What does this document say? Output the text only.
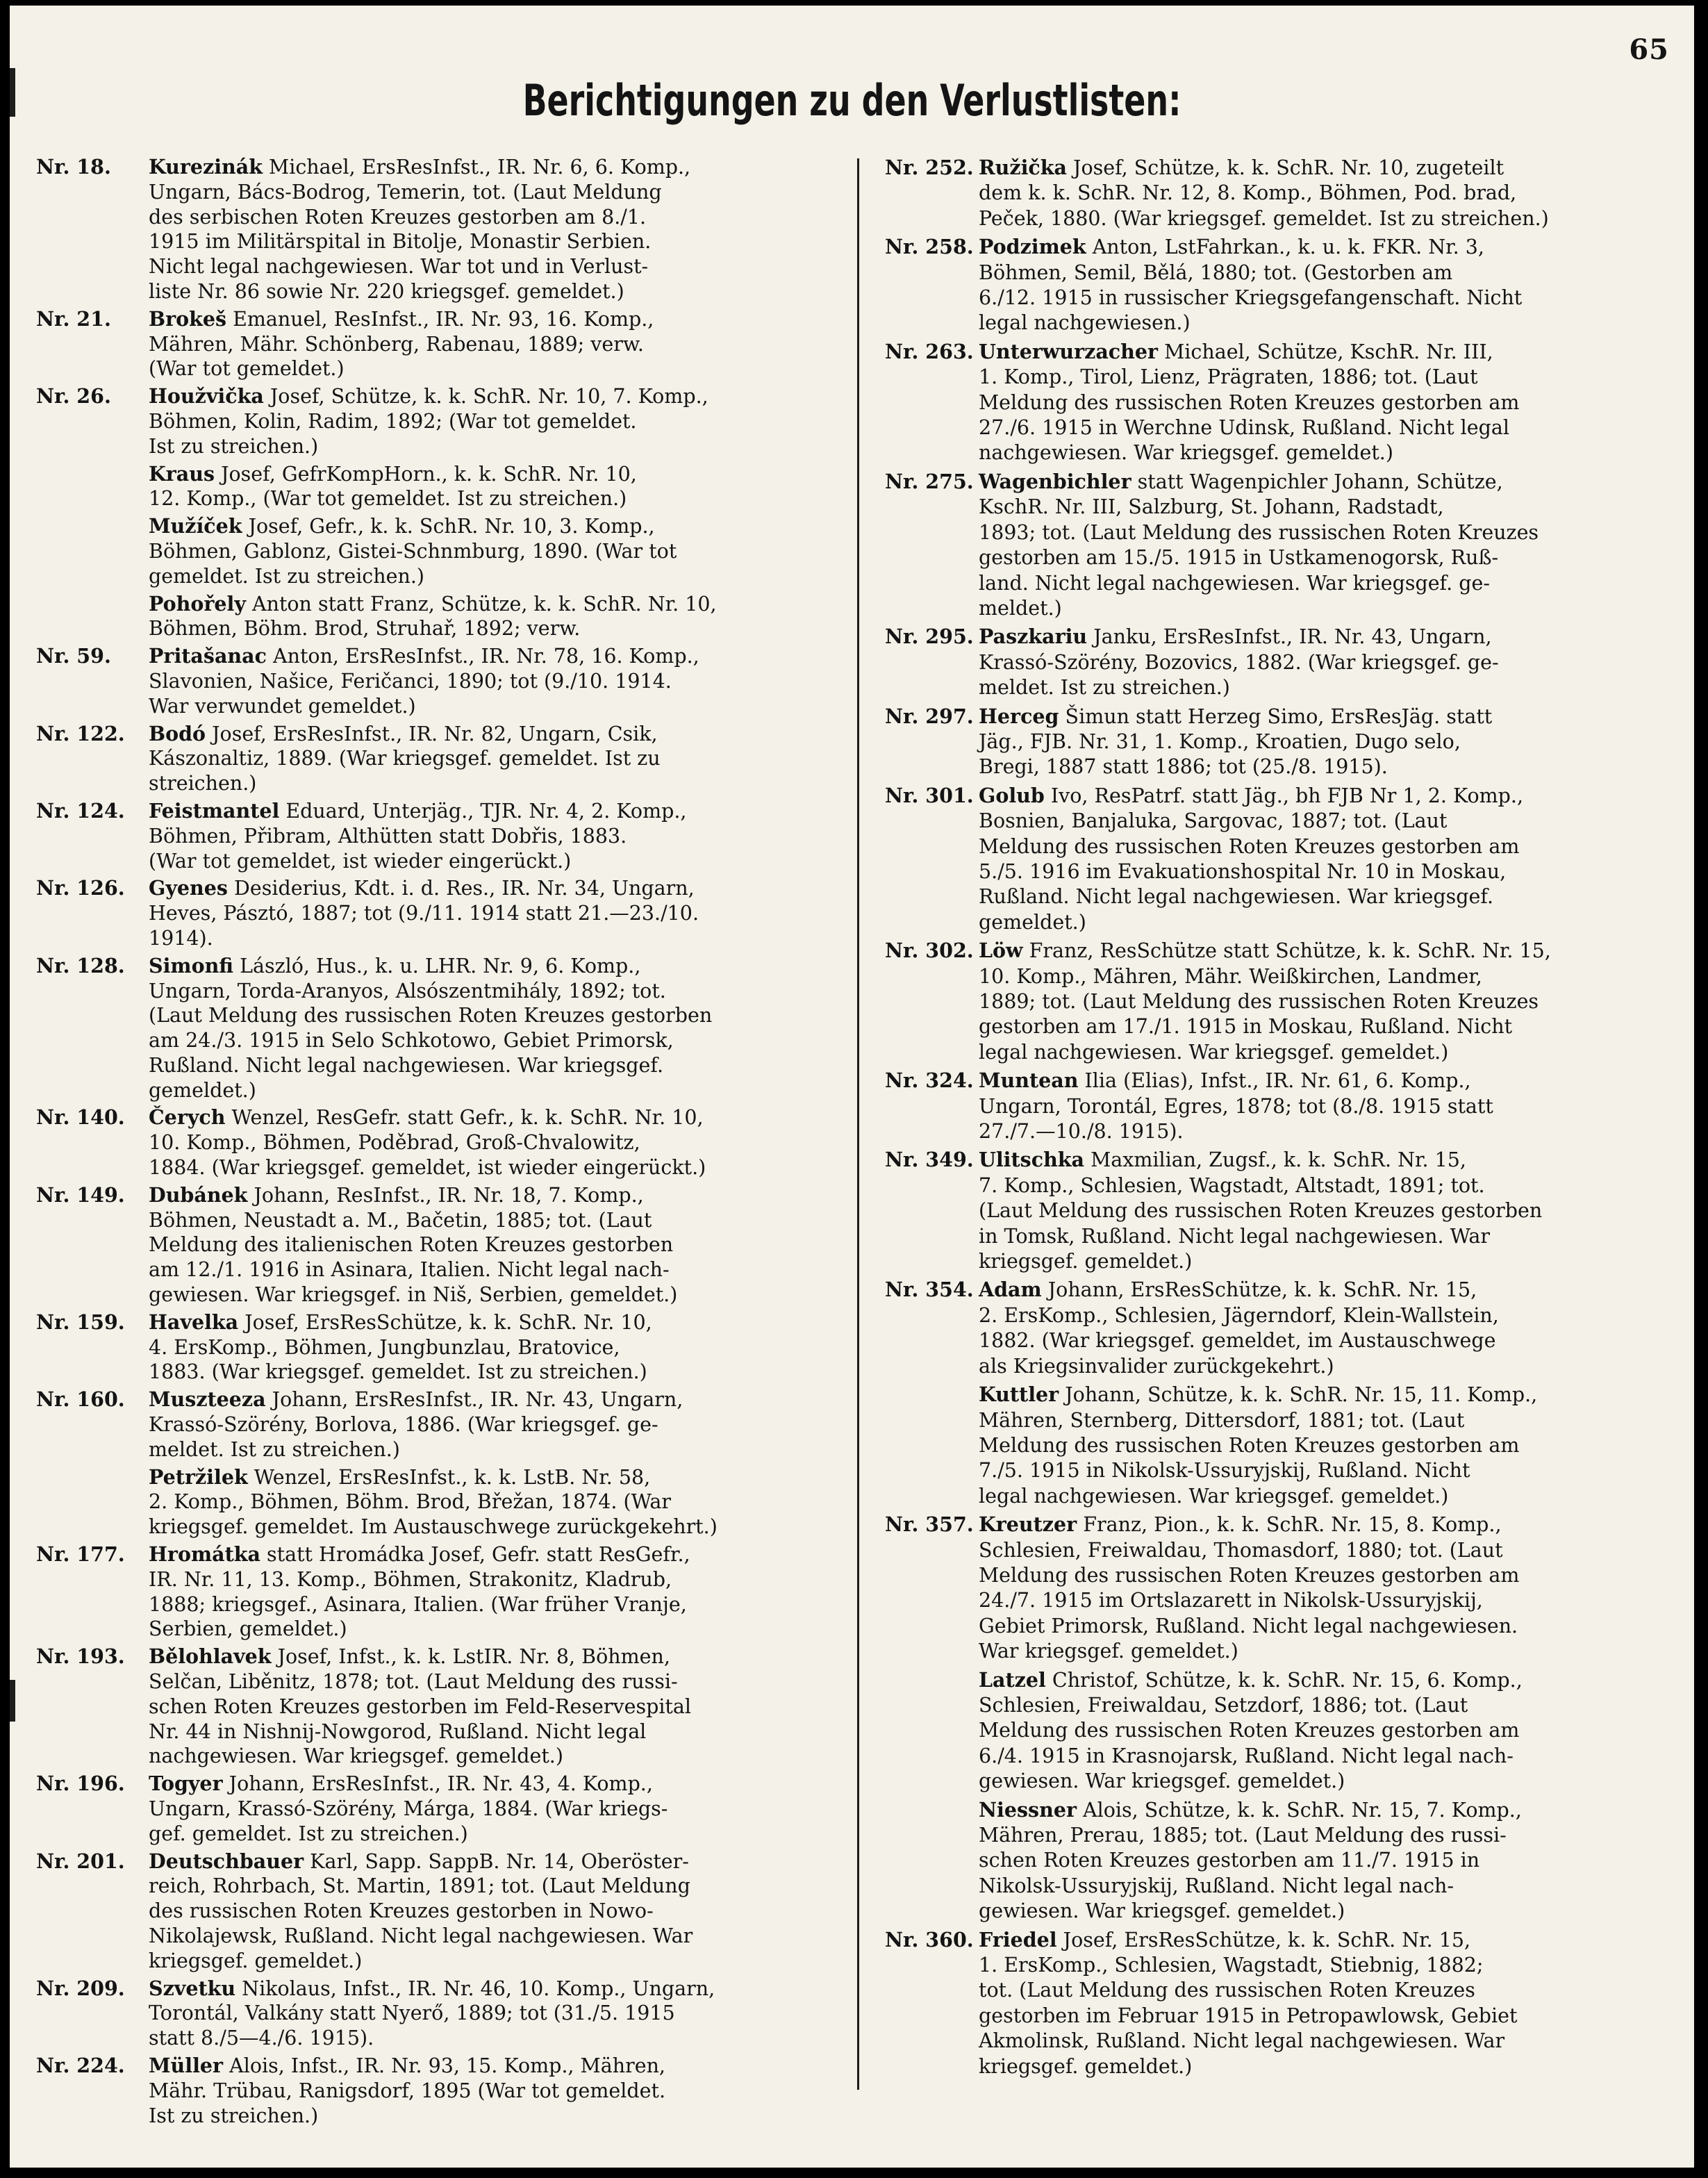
65
Berichtigungen zu den Verlustlisten:
Nr. 18.	Kurezinák Michael, ErsResInfst., IR. Nr. 6, 6. Komp.,
Ungarn, Bács-Bodrog, Temerin, tot. (Laut Meldung
des serbischen Roten Kreuzes gestorben am 8./1.
1915 im Militärspital in Bitolje, Monastir Serbien.
Nicht legal nachgewiesen. War tot und in Verlust-
liste Nr. 86 sowie Nr. 220 kriegsgef. gemeldet.)
Nr. 21.	Brokeš Emanuel, ResInfst., IR. Nr. 93, 16. Komp.,
Mähren, Mähr. Schönberg, Rabenau, 1889; verw.
(War tot gemeldet.)
Nr. 26.	Houžvička Josef, Schütze, k. k. SchR. Nr. 10, 7. Komp.,
Böhmen, Kolin, Radim, 1892; (War tot gemeldet.
Ist zu streichen.)
Kraus Josef, GefrKompHorn., k. k. SchR. Nr. 10,
12. Komp., (War tot gemeldet. Ist zu streichen.)
Mužíček Josef, Gefr., k. k. SchR. Nr. 10, 3. Komp.,
Böhmen, Gablonz, Gistei-Schnmburg, 1890. (War tot
gemeldet. Ist zu streichen.)
Pohořely Anton statt Franz, Schütze, k. k. SchR. Nr. 10,
Böhmen, Böhm. Brod, Struhař, 1892; verw.
Nr. 59.	Pritašanac Anton, ErsResInfst., IR. Nr. 78, 16. Komp.,
Slavonien, Našice, Feričanci, 1890; tot (9./10. 1914.
War verwundet gemeldet.)
Nr. 122.	Bodó Josef, ErsResInfst., IR. Nr. 82, Ungarn, Csik,
Kászonaltiz, 1889. (War kriegsgef. gemeldet. Ist zu
streichen.)
Nr. 124.	Feistmantel Eduard, Unterjäg., TJR. Nr. 4, 2. Komp.,
Böhmen, Přibram, Althütten statt Dobřis, 1883.
(War tot gemeldet, ist wieder eingerückt.)
Nr. 126.	Gyenes Desiderius, Kdt. i. d. Res., IR. Nr. 34, Ungarn,
Heves, Pásztó, 1887; tot (9./11. 1914 statt 21.—23./10.
1914).
Nr. 128.	Simonfi László, Hus., k. u. LHR. Nr. 9, 6. Komp.,
Ungarn, Torda-Aranyos, Alsószentmihály, 1892; tot.
(Laut Meldung des russischen Roten Kreuzes gestorben
am 24./3. 1915 in Selo Schkotowo, Gebiet Primorsk,
Rußland. Nicht legal nachgewiesen. War kriegsgef.
gemeldet.)
Nr. 140.	Čerych Wenzel, ResGefr. statt Gefr., k. k. SchR. Nr. 10,
10. Komp., Böhmen, Poděbrad, Groß-Chvalowitz,
1884. (War kriegsgef. gemeldet, ist wieder eingerückt.)
Nr. 149.	Dubánek Johann, ResInfst., IR. Nr. 18, 7. Komp.,
Böhmen, Neustadt a. M., Bačetin, 1885; tot. (Laut
Meldung des italienischen Roten Kreuzes gestorben
am 12./1. 1916 in Asinara, Italien. Nicht legal nach-
gewiesen. War kriegsgef. in Niš, Serbien, gemeldet.)
Nr. 159.	Havelka Josef, ErsResSchütze, k. k. SchR. Nr. 10,
4. ErsKomp., Böhmen, Jungbunzlau, Bratovice,
1883. (War kriegsgef. gemeldet. Ist zu streichen.)
Nr. 160.	Muszteeza Johann, ErsResInfst., IR. Nr. 43, Ungarn,
Krassó-Szörény, Borlova, 1886. (War kriegsgef. ge-
meldet. Ist zu streichen.)
Petržilek Wenzel, ErsResInfst., k. k. LstB. Nr. 58,
2. Komp., Böhmen, Böhm. Brod, Břežan, 1874. (War
kriegsgef. gemeldet. Im Austauschwege zurückgekehrt.)
Nr. 177.	Hromátka statt Hromádka Josef, Gefr. statt ResGefr.,
IR. Nr. 11, 13. Komp., Böhmen, Strakonitz, Kladrub,
1888; kriegsgef., Asinara, Italien. (War früher Vranje,
Serbien, gemeldet.)
Nr. 193.	Bělohlavek Josef, Infst., k. k. LstIR. Nr. 8, Böhmen,
Selčan, Liběnitz, 1878; tot. (Laut Meldung des russi-
schen Roten Kreuzes gestorben im Feld-Reservespital
Nr. 44 in Nishnij-Nowgorod, Rußland. Nicht legal
nachgewiesen. War kriegsgef. gemeldet.)
Nr. 196.	Togyer Johann, ErsResInfst., IR. Nr. 43, 4. Komp.,
Ungarn, Krassó-Szörény, Márga, 1884. (War kriegs-
gef. gemeldet. Ist zu streichen.)
Nr. 201.	Deutschbauer Karl, Sapp. SappB. Nr. 14, Oberöster-
reich, Rohrbach, St. Martin, 1891; tot. (Laut Meldung
des russischen Roten Kreuzes gestorben in Nowo-
Nikolajewsk, Rußland. Nicht legal nachgewiesen. War
kriegsgef. gemeldet.)
Nr. 209.	Szvetku Nikolaus, Infst., IR. Nr. 46, 10. Komp., Ungarn,
Torontál, Valkány statt Nyerő, 1889; tot (31./5. 1915
statt 8./5—4./6. 1915).
Nr. 224.	Müller Alois, Infst., IR. Nr. 93, 15. Komp., Mähren,
Mähr. Trübau, Ranigsdorf, 1895 (War tot gemeldet.
Ist zu streichen.)
Nr. 252. Ružička Josef, Schütze, k. k. SchR. Nr. 10, zugeteilt
dem k. k. SchR. Nr. 12, 8. Komp., Böhmen, Pod. brad,
Peček, 1880. (War kriegsgef. gemeldet. Ist zu streichen.)
Nr. 258. Podzimek Anton, LstFahrkan., k. u. k. FKR. Nr. 3,
Böhmen, Semil, Bělá, 1880; tot. (Gestorben am
6./12. 1915 in russischer Kriegsgefangenschaft. Nicht
legal nachgewiesen.)
Nr. 263. Unterwurzacher Michael, Schütze, KschR. Nr. III,
1. Komp., Tirol, Lienz, Prägraten, 1886; tot. (Laut
Meldung des russischen Roten Kreuzes gestorben am
27./6. 1915 in Werchne Udinsk, Rußland. Nicht legal
nachgewiesen. War kriegsgef. gemeldet.)
Nr. 275. Wagenbichler statt Wagenpichler Johann, Schütze,
KschR. Nr. III, Salzburg, St. Johann, Radstadt,
1893; tot. (Laut Meldung des russischen Roten Kreuzes
gestorben am 15./5. 1915 in Ustkamenogorsk, Ruß-
land. Nicht legal nachgewiesen. War kriegsgef. ge-
meldet.)
Nr. 295. Paszkariu Janku, ErsResInfst., IR. Nr. 43, Ungarn,
Krassó-Szörény, Bozovics, 1882. (War kriegsgef. ge-
meldet. Ist zu streichen.)
Nr. 297. Herceg Šimun statt Herzeg Simo, ErsResJäg. statt
Jäg., FJB. Nr. 31, 1. Komp., Kroatien, Dugo selo,
Bregi, 1887 statt 1886; tot (25./8. 1915).
Nr. 301. Golub Ivo, ResPatrf. statt Jäg., bh FJB Nr 1, 2. Komp.,
Bosnien, Banjaluka, Sargovac, 1887; tot. (Laut
Meldung des russischen Roten Kreuzes gestorben am
5./5. 1916 im Evakuationshospital Nr. 10 in Moskau,
Rußland. Nicht legal nachgewiesen. War kriegsgef.
gemeldet.)
Nr. 302. Löw Franz, ResSchütze statt Schütze, k. k. SchR. Nr. 15,
10. Komp., Mähren, Mähr. Weißkirchen, Landmer,
1889; tot. (Laut Meldung des russischen Roten Kreuzes
gestorben am 17./1. 1915 in Moskau, Rußland. Nicht
legal nachgewiesen. War kriegsgef. gemeldet.)
Nr. 324. Muntean Ilia (Elias), Infst., IR. Nr. 61, 6. Komp.,
Ungarn, Torontál, Egres, 1878; tot (8./8. 1915 statt
27./7.—10./8. 1915).
Nr. 349. Ulitschka Maxmilian, Zugsf., k. k. SchR. Nr. 15,
7. Komp., Schlesien, Wagstadt, Altstadt, 1891; tot.
(Laut Meldung des russischen Roten Kreuzes gestorben
in Tomsk, Rußland. Nicht legal nachgewiesen. War
kriegsgef. gemeldet.)
Nr. 354. Adam Johann, ErsResSchütze, k. k. SchR. Nr. 15,
2. ErsKomp., Schlesien, Jägerndorf, Klein-Wallstein,
1882. (War kriegsgef. gemeldet, im Austauschwege
als Kriegsinvalider zurückgekehrt.)
Kuttler Johann, Schütze, k. k. SchR. Nr. 15, 11. Komp.,
Mähren, Sternberg, Dittersdorf, 1881; tot. (Laut
Meldung des russischen Roten Kreuzes gestorben am
7./5. 1915 in Nikolsk-Ussuryjskij, Rußland. Nicht
legal nachgewiesen. War kriegsgef. gemeldet.)
Nr. 357. Kreutzer Franz, Pion., k. k. SchR. Nr. 15, 8. Komp.,
Schlesien, Freiwaldau, Thomasdorf, 1880; tot. (Laut
Meldung des russischen Roten Kreuzes gestorben am
24./7. 1915 im Ortslazarett in Nikolsk-Ussuryjskij,
Gebiet Primorsk, Rußland. Nicht legal nachgewiesen.
War kriegsgef. gemeldet.)
Latzel Christof, Schütze, k. k. SchR. Nr. 15, 6. Komp.,
Schlesien, Freiwaldau, Setzdorf, 1886; tot. (Laut
Meldung des russischen Roten Kreuzes gestorben am
6./4. 1915 in Krasnojarsk, Rußland. Nicht legal nach-
gewiesen. War kriegsgef. gemeldet.)
Niessner Alois, Schütze, k. k. SchR. Nr. 15, 7. Komp.,
Mähren, Prerau, 1885; tot. (Laut Meldung des russi-
schen Roten Kreuzes gestorben am 11./7. 1915 in
Nikolsk-Ussuryjskij, Rußland. Nicht legal nach-
gewiesen. War kriegsgef. gemeldet.)
Nr. 360. Friedel Josef, ErsResSchütze, k. k. SchR. Nr. 15,
1. ErsKomp., Schlesien, Wagstadt, Stiebnig, 1882;
tot. (Laut Meldung des russischen Roten Kreuzes
gestorben im Februar 1915 in Petropawlowsk, Gebiet
Akmolinsk, Rußland. Nicht legal nachgewiesen. War
kriegsgef. gemeldet.)
